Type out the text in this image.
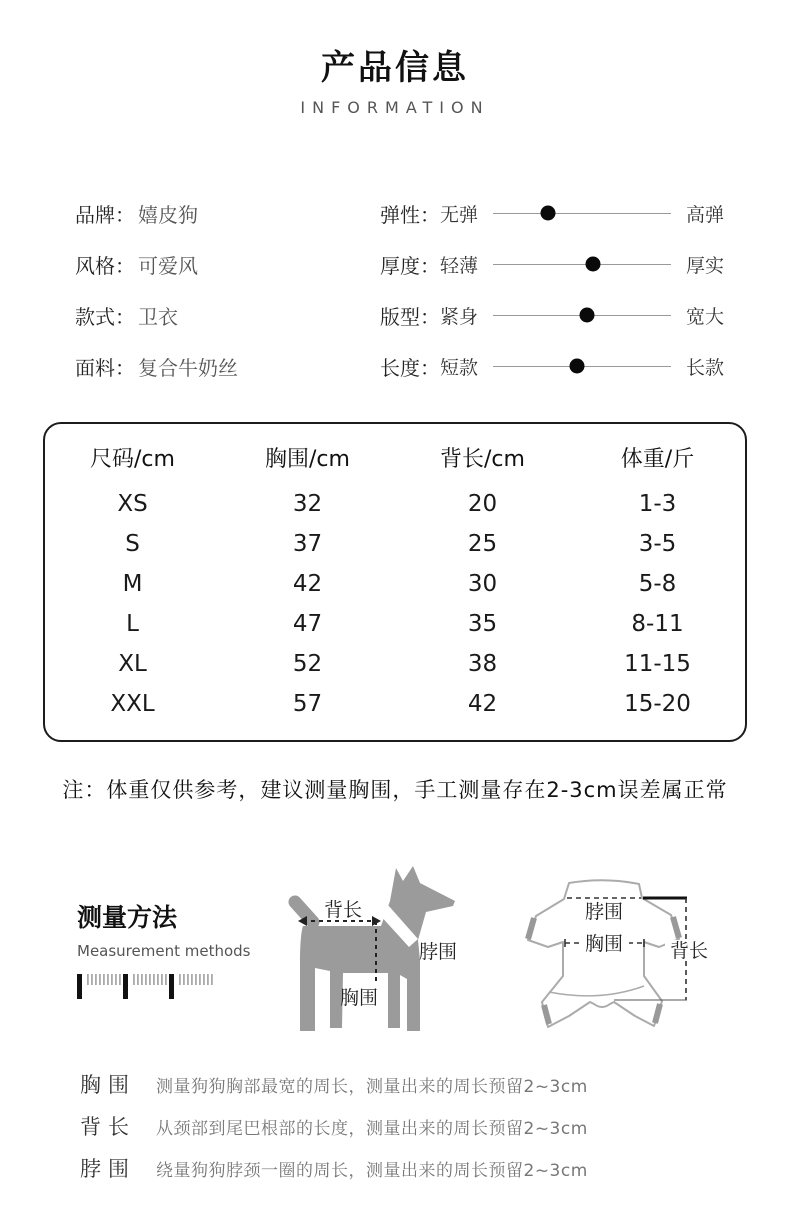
产品信息
INFORMATION
品牌： 嬉皮狗
风格： 可爱风
款式： 卫衣
面料： 复合牛奶丝
弹性： 无弹	高弹
厚度： 轻薄	厚实
版型： 紧身	宽大
长度： 短款	长款
尺码/cm	胸围/cm	背长/cm	体重/斤
XS	32	20	1-3
S	37	25	3-5
M	42	30	5-8
L	47	35	8-11
XL	52	38	11-15
XXL	57	42	15-20

注：体重仅供参考，建议测量胸围，手工测量存在2-3cm误差属正常

测量方法
Measurement methods
背长
脖围
胸围
脖围
胸围 背长
胸围	测量狗狗胸部最宽的周长，测量出来的周长预留2~3cm
背长	从颈部到尾巴根部的长度，测量出来的周长预留2~3cm
脖围	绕量狗狗脖颈一圈的周长，测量出来的周长预留2~3cm
